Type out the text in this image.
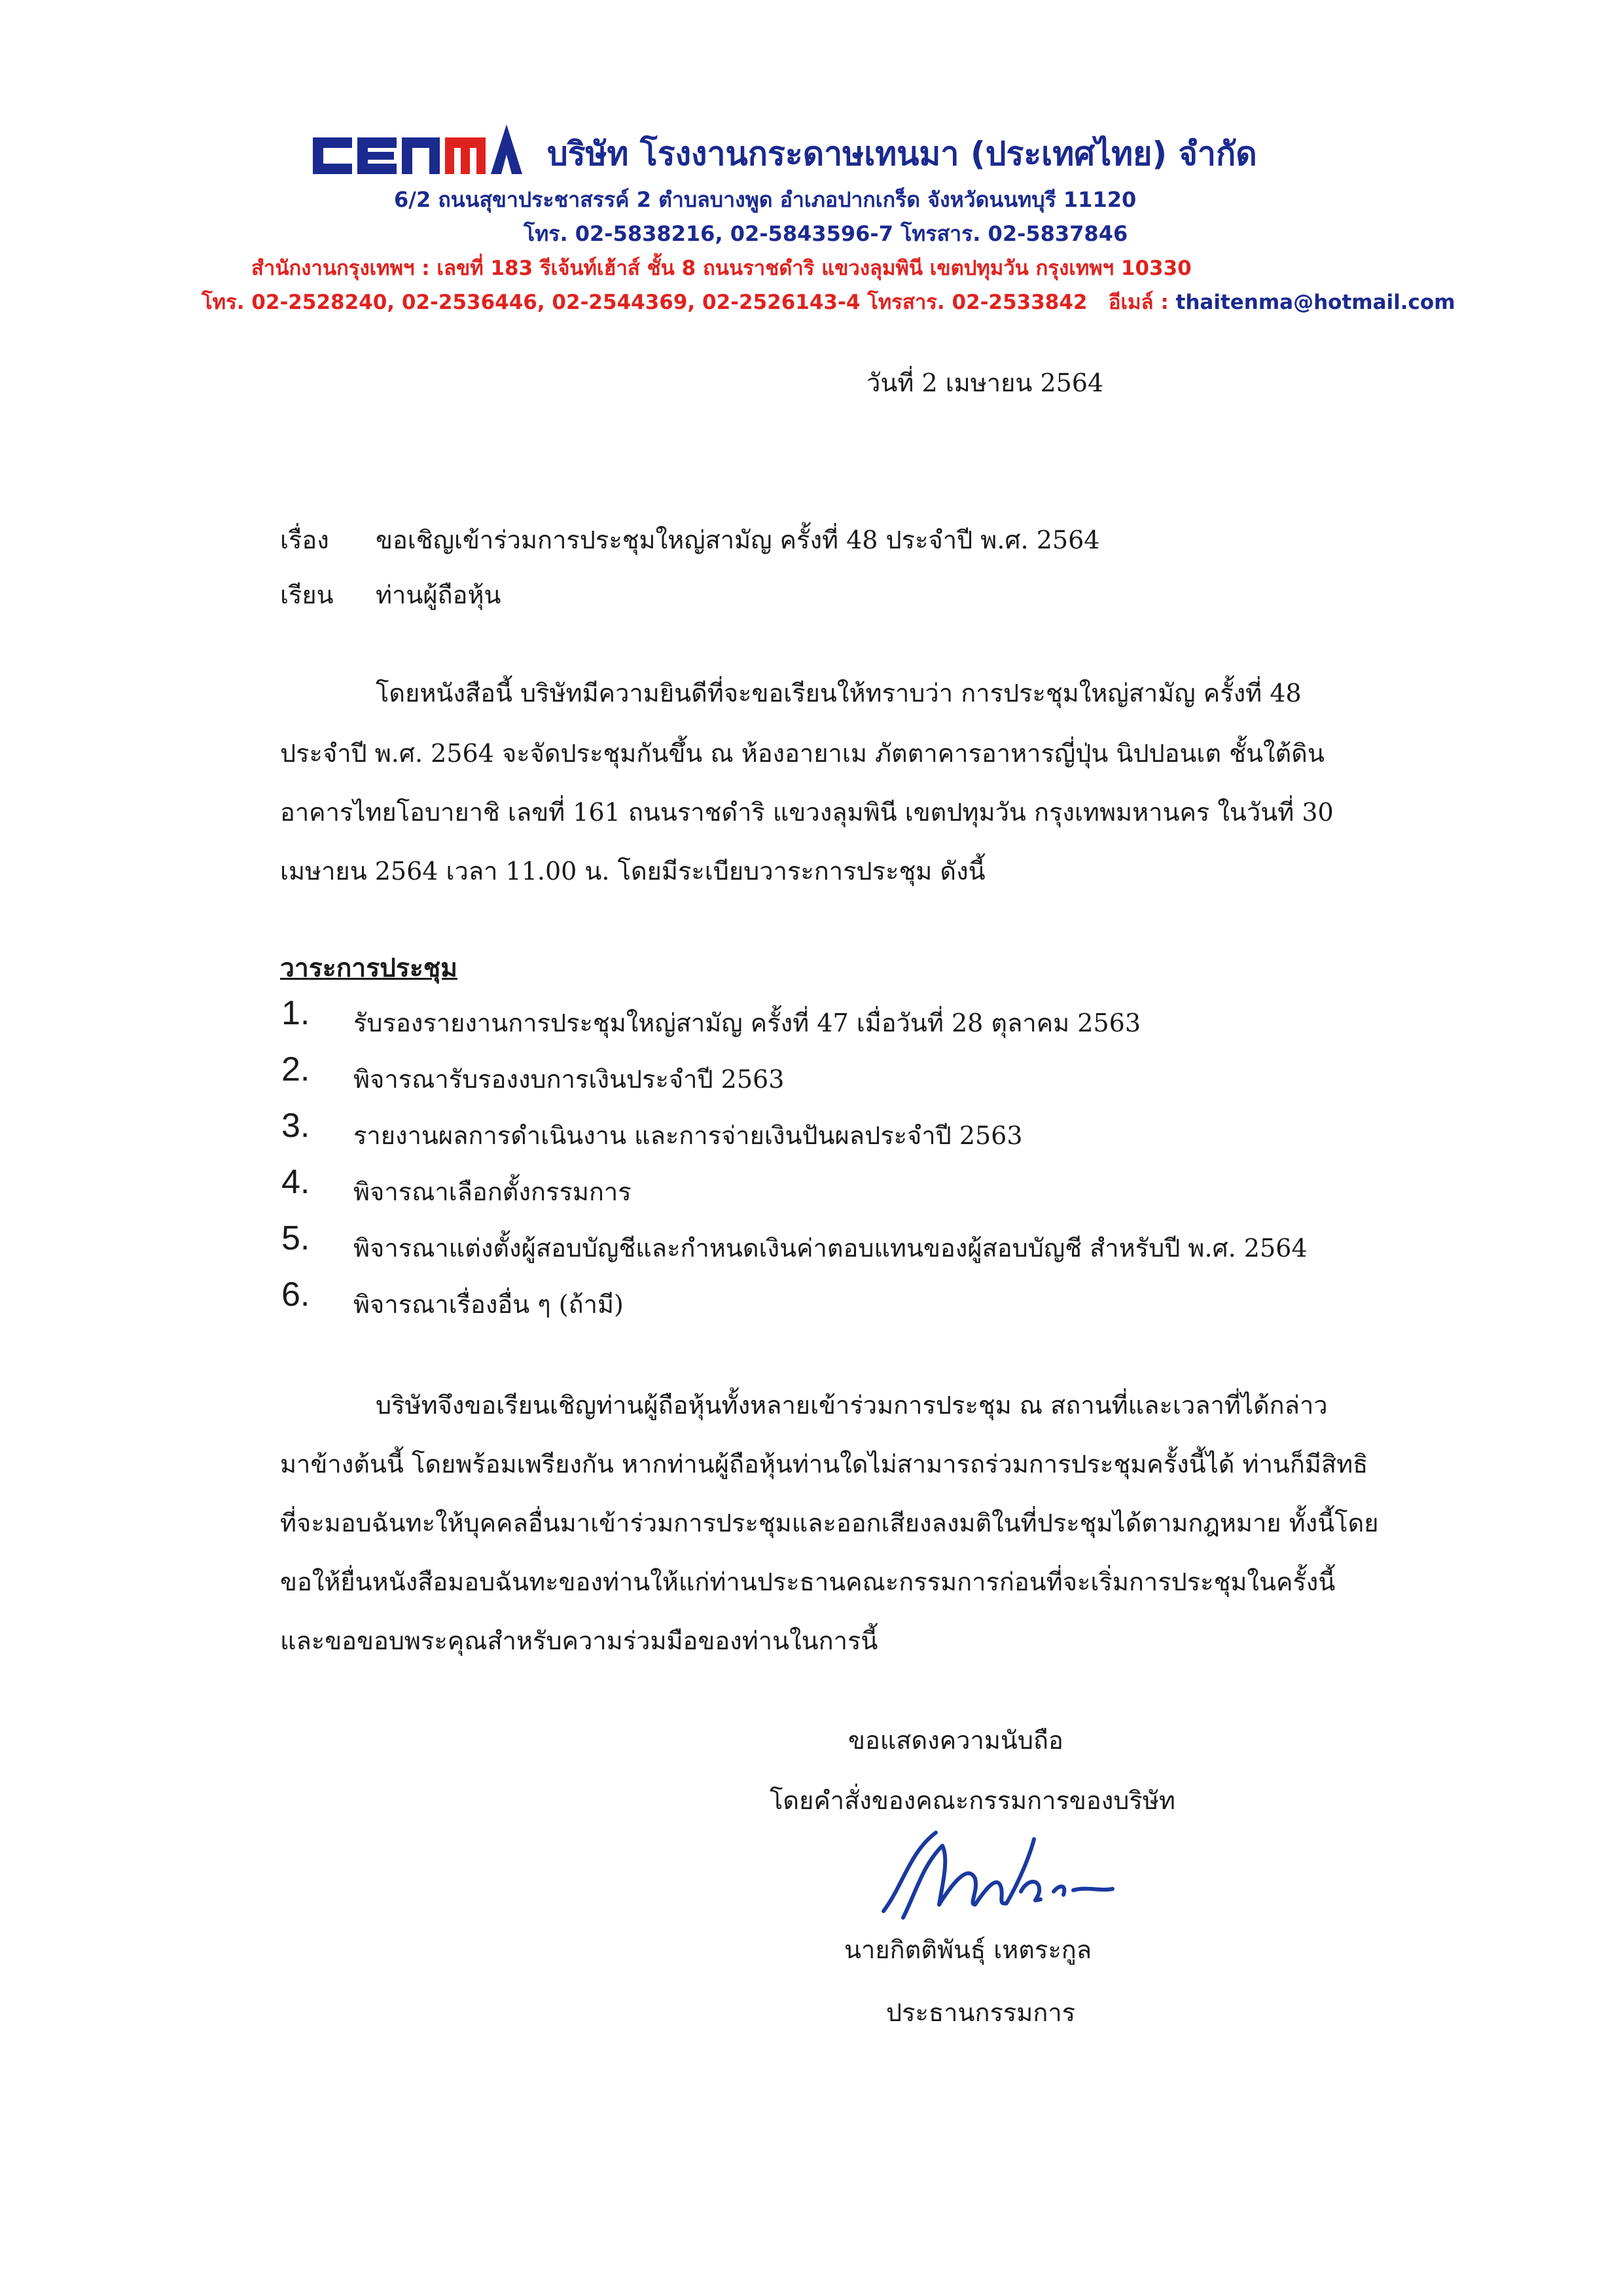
บริษัท โรงงานกระดาษเทนมา (ประเทศไทย) จำกัด
6/2 ถนนสุขาประชาสรรค์ 2 ตำบลบางพูด อำเภอปากเกร็ด จังหวัดนนทบุรี 11120
โทร. 02-5838216, 02-5843596-7 โทรสาร. 02-5837846
สำนักงานกรุงเทพฯ : เลขที่ 183 รีเจ้นท์เฮ้าส์ ชั้น 8 ถนนราชดำริ แขวงลุมพินี เขตปทุมวัน กรุงเทพฯ 10330
โทร. 02-2528240, 02-2536446, 02-2544369, 02-2526143-4 โทรสาร. 02-2533842 อีเมล์ : thaitenma@hotmail.com
วันที่ 2 เมษายน 2564
เรื่อง ขอเชิญเข้าร่วมการประชุมใหญ่สามัญ ครั้งที่ 48 ประจำปี พ.ศ. 2564
เรียน ท่านผู้ถือหุ้น
โดยหนังสือนี้ บริษัทมีความยินดีที่จะขอเรียนให้ทราบว่า การประชุมใหญ่สามัญ ครั้งที่ 48
ประจำปี พ.ศ. 2564 จะจัดประชุมกันขึ้น ณ ห้องอายาเม ภัตตาคารอาหารญี่ปุ่น นิปปอนเต ชั้นใต้ดิน
อาคารไทยโอบายาชิ เลขที่ 161 ถนนราชดำริ แขวงลุมพินี เขตปทุมวัน กรุงเทพมหานคร ในวันที่ 30
เมษายน 2564 เวลา 11.00 น. โดยมีระเบียบวาระการประชุม ดังนี้
วาระการประชุม
1. รับรองรายงานการประชุมใหญ่สามัญ ครั้งที่ 47 เมื่อวันที่ 28 ตุลาคม 2563
2. พิจารณารับรองงบการเงินประจำปี 2563
3. รายงานผลการดำเนินงาน และการจ่ายเงินปันผลประจำปี 2563
4. พิจารณาเลือกตั้งกรรมการ
5. พิจารณาแต่งตั้งผู้สอบบัญชีและกำหนดเงินค่าตอบแทนของผู้สอบบัญชี สำหรับปี พ.ศ. 2564
6. พิจารณาเรื่องอื่น ๆ (ถ้ามี)
บริษัทจึงขอเรียนเชิญท่านผู้ถือหุ้นทั้งหลายเข้าร่วมการประชุม ณ สถานที่และเวลาที่ได้กล่าว
มาข้างต้นนี้ โดยพร้อมเพรียงกัน หากท่านผู้ถือหุ้นท่านใดไม่สามารถร่วมการประชุมครั้งนี้ได้ ท่านก็มีสิทธิ
ที่จะมอบฉันทะให้บุคคลอื่นมาเข้าร่วมการประชุมและออกเสียงลงมติในที่ประชุมได้ตามกฎหมาย ทั้งนี้โดย
ขอให้ยื่นหนังสือมอบฉันทะของท่านให้แก่ท่านประธานคณะกรรมการก่อนที่จะเริ่มการประชุมในครั้งนี้
และขอขอบพระคุณสำหรับความร่วมมือของท่านในการนี้
ขอแสดงความนับถือ
โดยคำสั่งของคณะกรรมการของบริษัท
นายกิตติพันธุ์ เหตระกูล
ประธานกรรมการ
